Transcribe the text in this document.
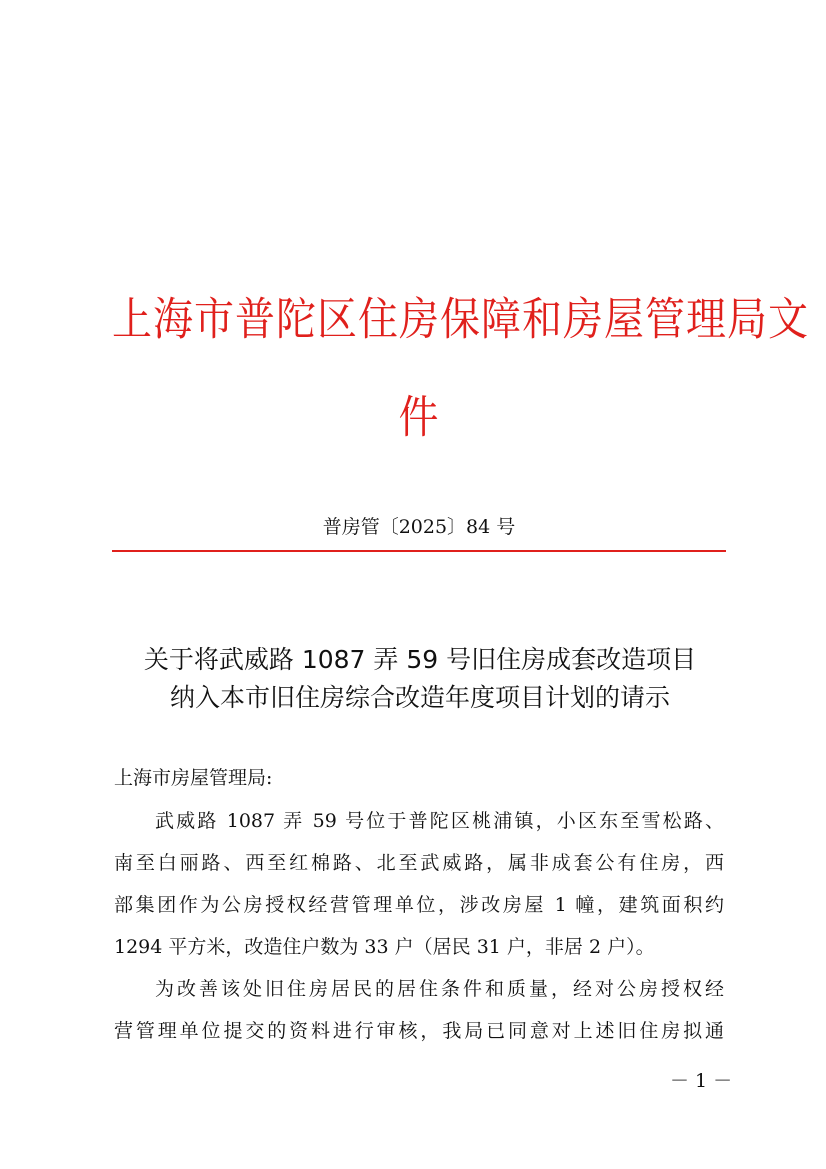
上海市普陀区住房保障和房屋管理局文
件
普房管〔2025〕84 号
关于将武威路 1087 弄 59 号旧住房成套改造项目
纳入本市旧住房综合改造年度项目计划的请示
上海市房屋管理局:
武威路 1087 弄 59 号位于普陀区桃浦镇，小区东至雪松路、
南至白丽路、西至红棉路、北至武威路，属非成套公有住房，西
部集团作为公房授权经营管理单位，涉改房屋 1 幢，建筑面积约
1294 平方米，改造住户数为 33 户（居民 31 户，非居 2 户）。
为改善该处旧住房居民的居住条件和质量，经对公房授权经
营管理单位提交的资料进行审核，我局已同意对上述旧住房拟通
－ 1 －
